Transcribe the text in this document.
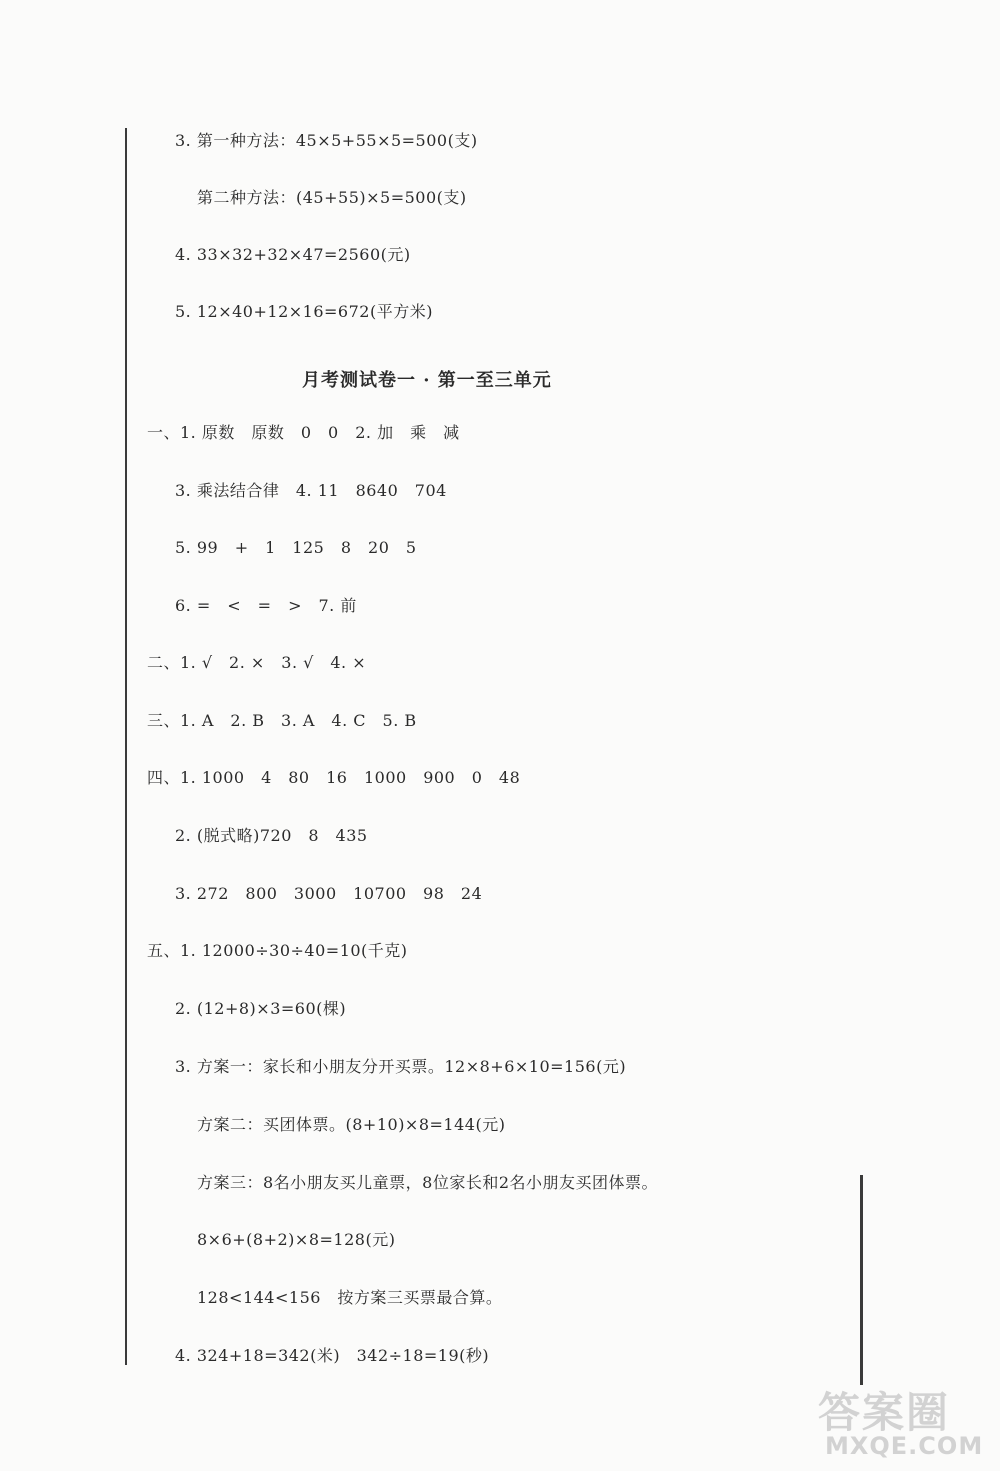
3. 第一种方法：45×5+55×5=500(支)
第二种方法：(45+55)×5=500(支)
4. 33×32+32×47=2560(元)
5. 12×40+12×16=672(平方米)
月考测试卷一 · 第一至三单元
一、1. 原数　原数　0　0　2. 加　乘　减
3. 乘法结合律　4. 11　8640　704
5. 99　+　1　125　8　20　5
6. =　<　=　>　7. 前
二、1. √　2. ×　3. √　4. ×
三、1. A　2. B　3. A　4. C　5. B
四、1. 1000　4　80　16　1000　900　0　48
2. (脱式略)720　8　435
3. 272　800　3000　10700　98　24
五、1. 12000÷30÷40=10(千克)
2. (12+8)×3=60(棵)
3. 方案一：家长和小朋友分开买票。12×8+6×10=156(元)
方案二：买团体票。(8+10)×8=144(元)
方案三：8名小朋友买儿童票，8位家长和2名小朋友买团体票。
8×6+(8+2)×8=128(元)
128<144<156　按方案三买票最合算。
4. 324+18=342(米)　342÷18=19(秒)
答案圈
MXQE.COM
